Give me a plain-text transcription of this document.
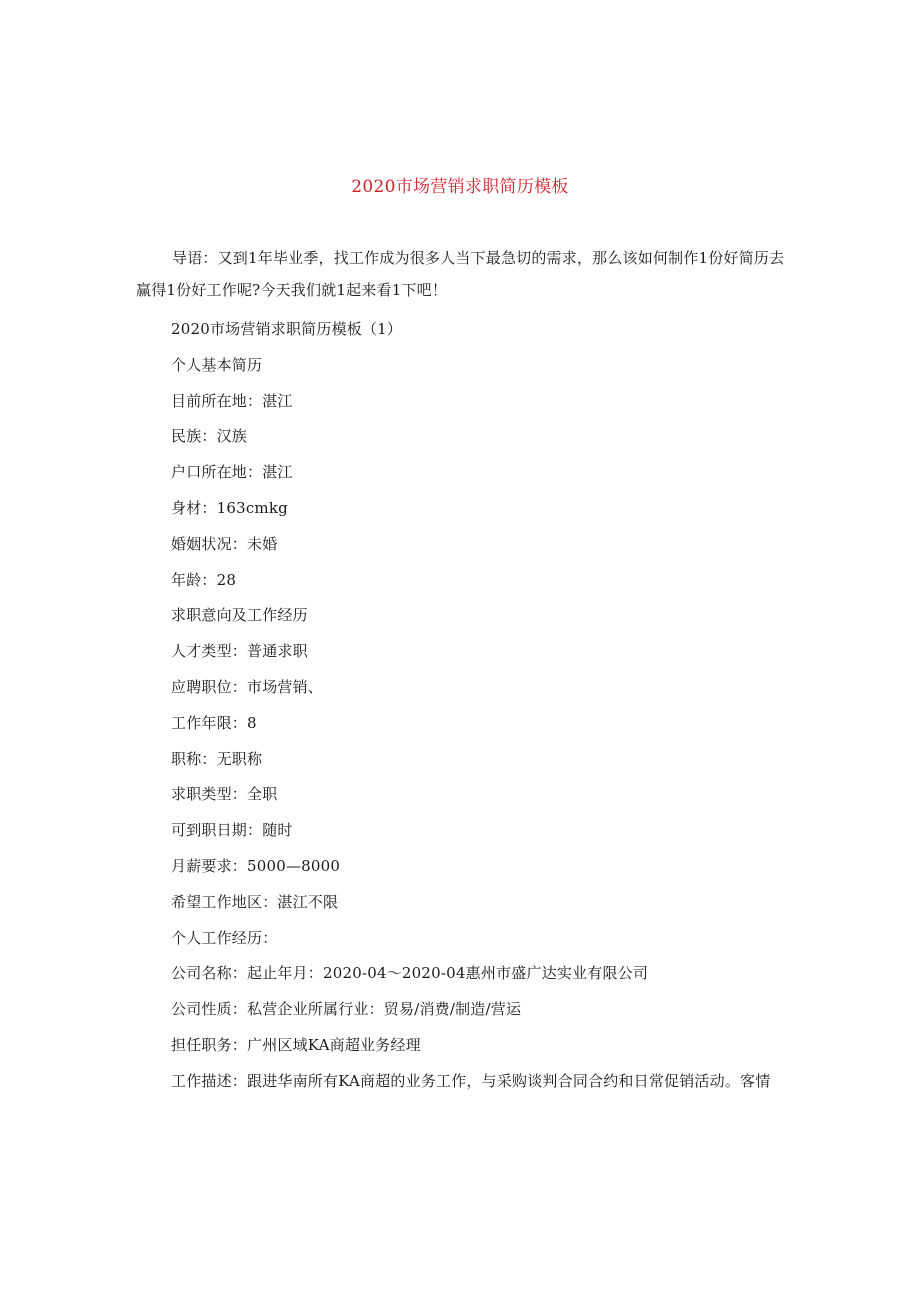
2020市场营销求职简历模板
导语：又到1年毕业季，找工作成为很多人当下最急切的需求，那么该如何制作1份好简历去赢得1份好工作呢?今天我们就1起来看1下吧！
2020市场营销求职简历模板（1）
个人基本简历
目前所在地：湛江
民族：汉族
户口所在地：湛江
身材：163cmkg
婚姻状况：未婚
年龄：28
求职意向及工作经历
人才类型：普通求职
应聘职位：市场营销、
工作年限：8
职称：无职称
求职类型：全职
可到职日期：随时
月薪要求：5000—8000
希望工作地区：湛江不限
个人工作经历：
公司名称：起止年月：2020-04～2020-04惠州市盛广达实业有限公司
公司性质：私营企业所属行业：贸易/消费/制造/营运
担任职务：广州区域KA商超业务经理
工作描述：跟进华南所有KA商超的业务工作，与采购谈判合同合约和日常促销活动。客情
